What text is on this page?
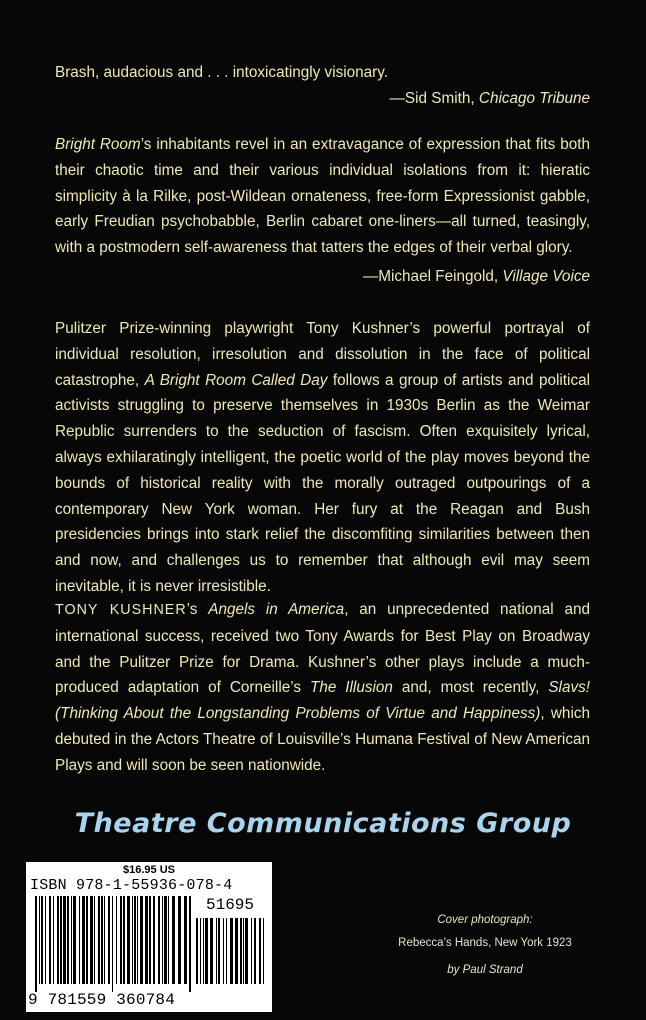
Brash, audacious and . . . intoxicatingly visionary.
—Sid Smith, Chicago Tribune
Bright Room’s inhabitants revel in an extravagance of expression that fits both their chaotic time and their various individual isolations from it: hieratic simplicity à la Rilke, post-Wildean ornateness, free-form Expressionist gabble, early Freudian psychobabble, Berlin cabaret one-liners—all turned, teasingly, with a postmodern self-awareness that tatters the edges of their verbal glory.
—Michael Feingold, Village Voice
Pulitzer Prize-winning playwright Tony Kushner’s powerful portrayal of individual resolution, irresolution and dissolution in the face of political catastrophe, A Bright Room Called Day follows a group of artists and political activists struggling to preserve themselves in 1930s Berlin as the Weimar Republic surrenders to the seduction of fascism. Often exquisitely lyrical, always exhilaratingly intelligent, the poetic world of the play moves beyond the bounds of historical reality with the morally outraged outpourings of a contemporary New York woman. Her fury at the Reagan and Bush presidencies brings into stark relief the discomfiting similarities between then and now, and challenges us to remember that although evil may seem inevitable, it is never irresistible.
TONY KUSHNER’s Angels in America, an unprecedented national and international success, received two Tony Awards for Best Play on Broadway and the Pulitzer Prize for Drama. Kushner’s other plays include a much-produced adaptation of Corneille’s The Illusion and, most recently, Slavs! (Thinking About the Longstanding Problems of Virtue and Happiness), which debuted in the Actors Theatre of Louisville’s Humana Festival of New American Plays and will soon be seen nationwide.
Theatre Communications Group
$16.95 US
ISBN 978-1-55936-078-4
51695
9 781559 360784
Cover photograph:
Rebecca’s Hands, New York 1923
by Paul Strand
